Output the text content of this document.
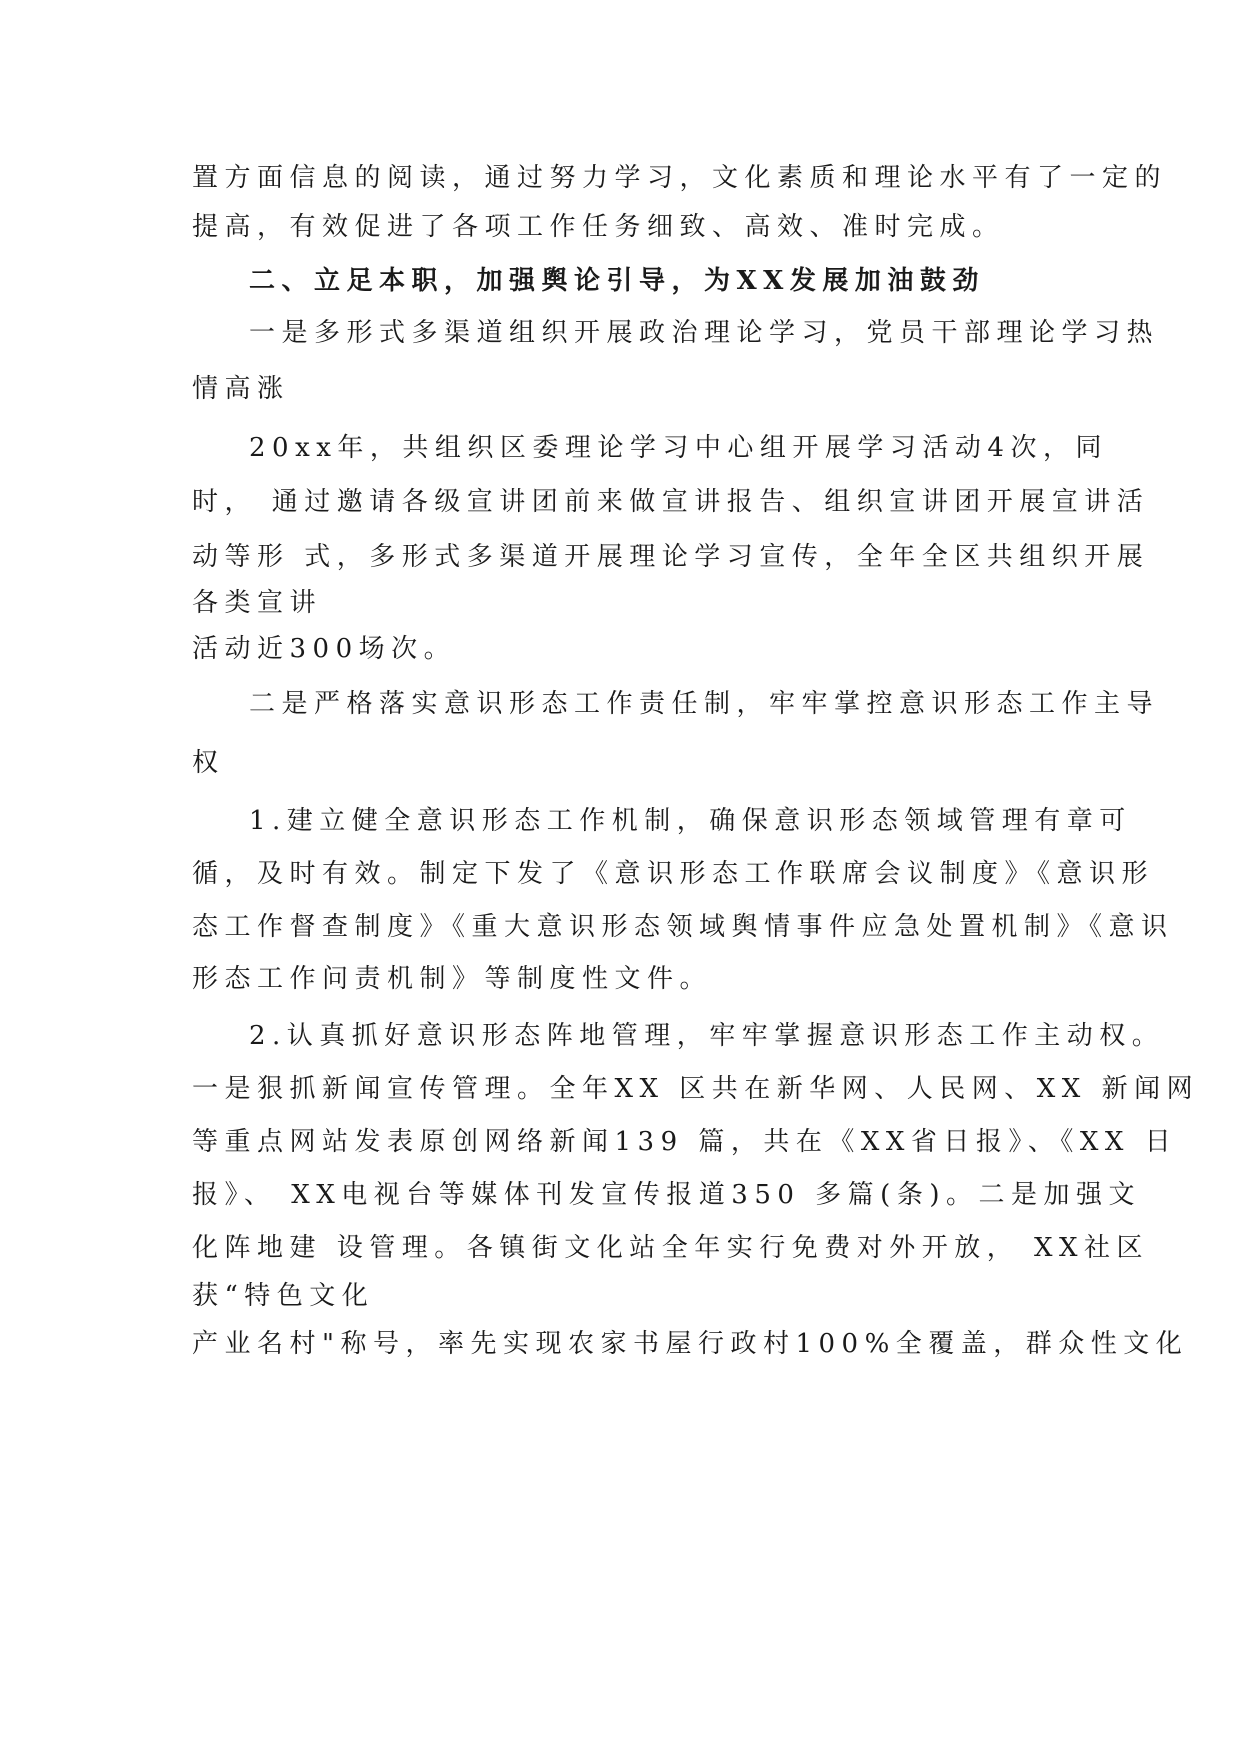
置方面信息的阅读，通过努力学习，文化素质和理论水平有了一定的
提高，有效促进了各项工作任务细致、高效、准时完成。
二、立足本职，加强舆论引导，为XX发展加油鼓劲
一是多形式多渠道组织开展政治理论学习，党员干部理论学习热
情高涨
20xx年，共组织区委理论学习中心组开展学习活动4次，同
时， 通过邀请各级宣讲团前来做宣讲报告、组织宣讲团开展宣讲活
动等形 式，多形式多渠道开展理论学习宣传，全年全区共组织开展
各类宣讲
活动近300场次。
二是严格落实意识形态工作责任制，牢牢掌控意识形态工作主导
权
1.建立健全意识形态工作机制，确保意识形态领域管理有章可
循，及时有效。制定下发了《意识形态工作联席会议制度》《意识形
态工作督查制度》《重大意识形态领域舆情事件应急处置机制》《意识
形态工作问责机制》等制度性文件。
2.认真抓好意识形态阵地管理，牢牢掌握意识形态工作主动权。
一是狠抓新闻宣传管理。全年XX 区共在新华网、人民网、XX 新闻网
等重点网站发表原创网络新闻139 篇，共在《XX省日报》、《XX 日
报》、 XX电视台等媒体刊发宣传报道350 多篇(条)。二是加强文
化阵地建 设管理。各镇街文化站全年实行免费对外开放， XX社区
获“特色文化
产业名村"称号，率先实现农家书屋行政村100%全覆盖，群众性文化
